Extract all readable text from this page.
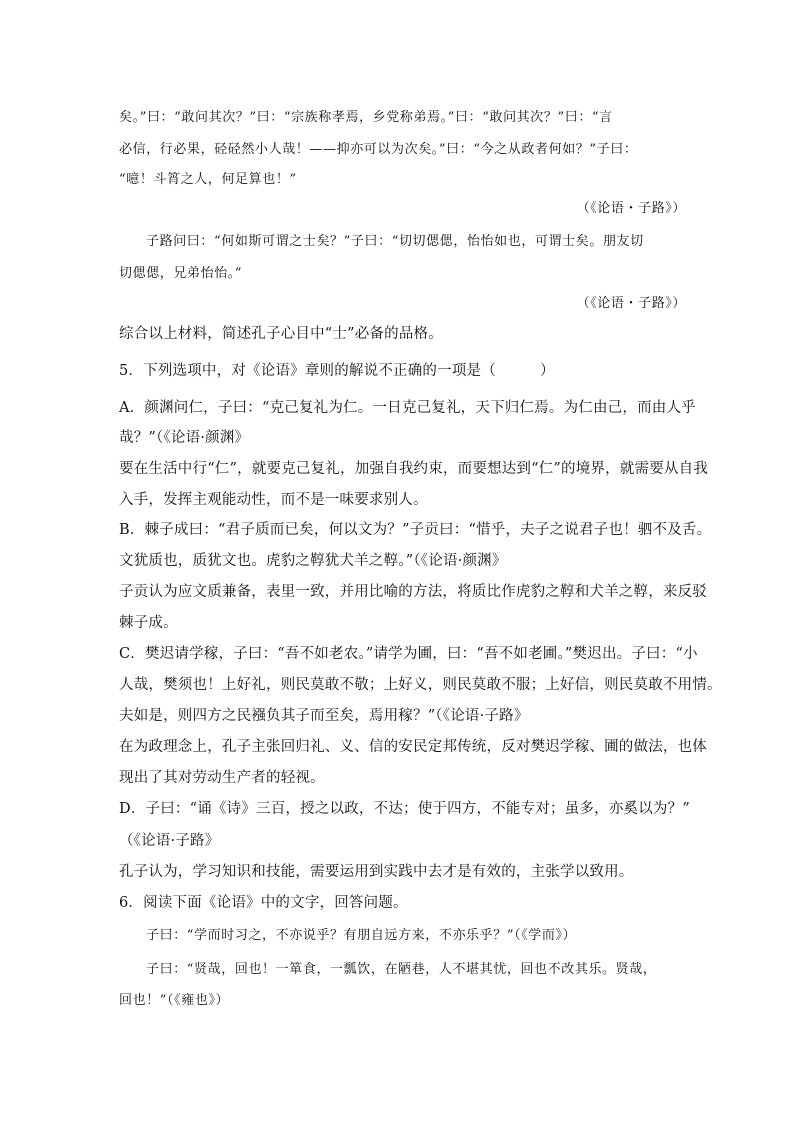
矣。”曰：“敢问其次？”曰：“宗族称孝焉，乡党称弟焉。”曰：“敢问其次？”曰：“言
必信，行必果，硁硁然小人哉！——抑亦可以为次矣。”曰：“今之从政者何如？”子曰：
“噫！斗筲之人，何足算也！”
（《论语・子路》）
子路问曰：“何如斯可谓之士矣？”子曰：“切切偲偲，怡怡如也，可谓士矣。朋友切
切偲偲，兄弟怡怡。”
（《论语・子路》）
综合以上材料，简述孔子心目中“士”必备的品格。
5．下列选项中，对《论语》章则的解说不正确的一项是（　　　）
A．颜渊问仁，子曰：“克己复礼为仁。一日克己复礼，天下归仁焉。为仁由己，而由人乎
哉？”（《论语·颜渊》
要在生活中行“仁”，就要克己复礼，加强自我约束，而要想达到“仁”的境界，就需要从自我
入手，发挥主观能动性，而不是一味要求别人。
B．棘子成曰：“君子质而已矣，何以文为？”子贡曰：“惜乎，夫子之说君子也！驷不及舌。
文犹质也，质犹文也。虎豹之鞟犹犬羊之鞟。”（《论语·颜渊》
子贡认为应文质兼备，表里一致，并用比喻的方法，将质比作虎豹之鞟和犬羊之鞟，来反驳
棘子成。
C．樊迟请学稼，子曰：“吾不如老农。”请学为圃，曰：“吾不如老圃。”樊迟出。子曰：“小
人哉，樊须也！上好礼，则民莫敢不敬；上好义，则民莫敢不服；上好信，则民莫敢不用情。
夫如是，则四方之民襁负其子而至矣，焉用稼？”（《论语·子路》
在为政理念上，孔子主张回归礼、义、信的安民定邦传统，反对樊迟学稼、圃的做法，也体
现出了其对劳动生产者的轻视。
D．子曰：“诵《诗》三百，授之以政，不达；使于四方，不能专对；虽多，亦奚以为？”
（《论语·子路》
孔子认为，学习知识和技能，需要运用到实践中去才是有效的，主张学以致用。
6．阅读下面《论语》中的文字，回答问题。
子曰：“学而时习之，不亦说乎？有朋自远方来，不亦乐乎？”（《学而》）
子曰：“贤哉，回也！一箪食，一瓢饮，在陋巷，人不堪其忧，回也不改其乐。贤哉，
回也！”（《雍也》）
